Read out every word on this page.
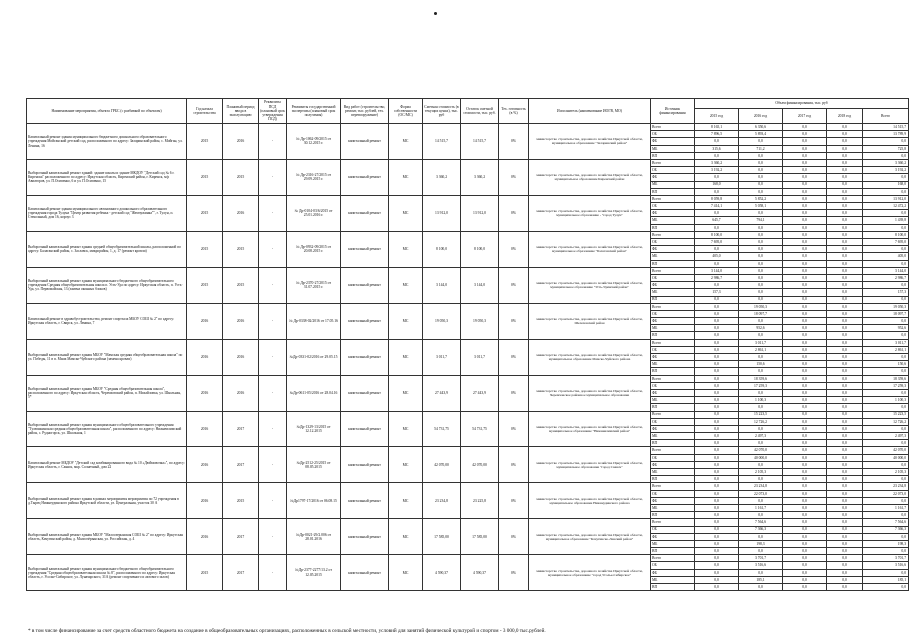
Наименование мероприятия, объекта ГРБС (с разбивкой по объектам)	Год начала строительства	Плановый период ввода в эксплуатацию	Реквизиты ПСД (плановый срок утверждения ПСД)	Реквизиты государственной экспертизы (плановый срок получения)	Вид работ (строительство, ремонт, тыс. рублей, тех. перевооружение)	Форма собственности (ОС/МС)	Сметная стоимость (в текущих ценах), тыс. руб	Остаток сметной стоимости, тыс. руб.	Тех. готовность (в %)	Исполнитель (наименование ИОГВ, МО)	Источник финансирования	Объем финансирования, тыс. руб				
												2015 год	2016 год	2017 год	2018 год	Всего
Капитальный ремонт здания муниципального бюджетного дошкольного образовательного учреждения Мойганский детский сад, расположенного по адресу: Заларинский район, с. Мойган, ул. Ленина, 16	2015	2016	-	№ Др-1062-09/2015 от 30.12.2015 г.	капитальный ремонт	МС	14 515,7	14 515,7	0%	министерство строительства, дорожного хозяйства Иркутской области, муниципальное образование "Заларинский район"	Всего	8 165,1	6 350,6	0,0	0,0	14 515,7
											ОБ	7 896,5	5 893,4	0,0	0,0	13 789,9
											ФБ	0,0	0,0	0,0	0,0	0,0
											МБ	315,6	711,2	0,0	0,0	725,8
											ВП	0,0	0,0	0,0	0,0	0,0
Выборочный капитальный ремонт зданий: здание школы и здание МКДОУ "Детский сад № 6 г. Киренска" расположенного по адресу: Иркутская область, Киренский район, г. Киренск, м/р Авиаторов, ул. П.Осипенко, 6 и ул. П.Осипенко, 15	2015	2015	-	№ Др-2316-27/2015 от 29.09.2015 г.	капитальный ремонт	МС	3 360,2	3 360,2	0%	министерство строительства, дорожного хозяйства Иркутской области, муниципальное образование Киренский район	Всего	3 360,2	0,0	0,0	0,0	3 360,2
											ОБ	3 192,2	0,0	0,0	0,0	3 192,2
											ФБ	0,0	0,0	0,0	0,0	0,0
											МБ	168,0	0,0	0,0	0,0	168,0
											ВП	0,0	0,0	0,0	0,0	0,0
Капитальный ремонт здания муниципального автономного дошкольного образовательного учреждения города Тулуна "Центр развития ребенка - детский сад "Жемчужинка"", г. Тулун, п. Стекольный, дом 16, корпус 3	2015	2016	-	№ Др-0104-03/6/2015 от 25.01.2016 г.	капитальный ремонт	МС	13 912,0	13 912,0	0%	министерство строительства, дорожного хозяйства Иркутской области, муниципальное образование - "город Тулун"	Всего	8 059,8	5 852,2	0,0	0,0	13 912,0
											ОБ	7 414,1	5 058,1	0,0	0,0	12 472,2
											ФБ	0,0	0,0	0,0	0,0	0,0
											МБ	645,7	794,1	0,0	0,0	1 439,8
											ВП	0,0	0,0	0,0	0,0	0,0
Выборочный капитальный ремонт здания средней общеобразовательной школы, расположенной по адресу: Балаганский район, с. Заславск, микрорайон, 1, д. 17 (ремонт кровли)	2015	2015	-	№ Др-0932-09/2015 от 20.08.2015 г.	капитальный ремонт	МС	8 100,0	8 100,0	0%	министерство строительства, дорожного хозяйства Иркутской области, муниципальное образование "Балаганский район"	Всего	8 100,0	0,0	0,0	0,0	8 100,0
											ОБ	7 695,0	0,0	0,0	0,0	7 695,0
											ФБ	0,0	0,0	0,0	0,0	0,0
											МБ	405,0	0,0	0,0	0,0	405,0
											ВП	0,0	0,0	0,0	0,0	0,0
Выборочный капитальный ремонт здания муниципального бюджетного общеобразовательного учреждения Средняя общеобразовательная школа п. Усть-Уда по адресу: Иркутская область, п. Усть-Уда, ул. Первомайская, 13 (замена оконных блоков)	2015	2015	-	№ Др-2370-27/2015 от 31.07.2015 г.	капитальный ремонт	МС	3 144,0	3 144,0	0%	министерство строительства, дорожного хозяйства Иркутской области, муниципальное образование "Усть-Удинский район"	Всего	3 144,0	0,0	0,0	0,0	3 144,0
											ОБ	2 986,7	0,0	0,0	0,0	2 986,7
											ФБ	0,0	0,0	0,0	0,0	0,0
											МБ	157,3	0,0	0,0	0,0	157,3
											ВП	0,0	0,0	0,0	0,0	0,0
Капитальный ремонт в здравобустроительство, ремонт спортзала МБОУ СОШ № 2" по адресу: Иркутская область, г. Свирск, ул. Ленина, 7	2016	2016	-	№ Др-0338-02/2016 от 17.05.16	капитальный ремонт	МС	19 050,3	19 050,3	0%	министерство строительства, дорожного хозяйства Иркутской области, Шелеховский район	Всего	0,0	19 050,3	0,0	0,0	19 050,3
											ОБ	0,0	18 097,7	0,0	0,0	18 097,7
											ФБ	0,0	0,0	0,0	0,0	0,0
											МБ	0,0	952,6	0,0	0,0	952,6
											ВП	0,0	0,0	0,0	0,0	0,0
Выборочный капитальный ремонт здания МБОУ "Мамская средняя общеобразовательная школа" по ул. Победы, 11 в п. Мама Мамско-Чуйского района (замена кровли)	2016	2016	-	№Др-0331-02/2016 от 29.05.15	капитальный ремонт	МС	3 011,7	3 011,7	0%	министерство строительства, дорожного хозяйства Иркутской области, муниципальное образование Мамско-Чуйского района	Всего	0,0	3 011,7	0,0	0,0	3 011,7
											ОБ	0,0	2 861,1	0,0	0,0	2 861,1
											ФБ	0,0	0,0	0,0	0,0	0,0
											МБ	0,0	150,6	0,0	0,0	150,6
											ВП	0,0	0,0	0,0	0,0	0,0
Выборочный капитальный ремонт здания МБОУ "Средняя общеобразовательная школа", расположенного по адресу: Иркутская область, Черемховский район, п. Михайловка, ул. Школьная, 5*	2016	2016	-	№Др-0611-05/2016 от 28.04.16	капитальный ремонт	МС	27 443,9	27 443,9	0%	министерство строительства, дорожного хозяйства Иркутской области, Черемховское районное муниципальное образование	Всего	0,0	18 359,6	0,0	0,0	18 359,6
											ОБ	0,0	17 259,3	0,0	0,0	17 259,3
											ФБ	0,0	0,0	0,0	0,0	0,0
											МБ	0,0	1 100,3	0,0	0,0	1 100,3
											ВП	0,0	0,0	0,0	0,0	0,0
Выборочный капитальный ремонт здания муниципального общеобразовательного учреждения "Тулюшкинская средняя общеобразовательная школа", расположенного по адресу: Нижнеилимский район, с. Рудногорск, ул. Школьная, 1	2016	2017	-	№Др-1329-13/2015 от 12.12.2015	капитальный ремонт	МС	54 731,75	54 731,75	0%	министерство строительства, дорожного хозяйства Иркутской области, муниципальное образование "Нижнеилимский район"	Всего	0,0	15 223,5	0,0	0,0	15 223,5
											ОБ	0,0	12 726,2	0,0	0,0	12 726,2
											ФБ	0,0	0,0	0,0	0,0	0,0
											МБ	0,0	2 497,3	0,0	0,0	2 497,3
											ВП	0,0	0,0	0,0	0,0	0,0
Капитальный ремонт МБДОУ "Детский сад комбинированного вида № 10 «Дюймовочка»", по адресу: Иркутская область, г. Саянск, мкр. Солнечный, дом 22	2016	2017	-	№Др-2512-25/2015 от 08.05.2015	капитальный ремонт	МС	42 070,00	42 070,00	0%	министерство строительства, дорожного хозяйства Иркутской области, муниципальное образование "город Саянск"	Всего	0,0	42 070,0	0,0	0,0	42 070,0
											ОБ	0,0	40 000,0	0,0	0,0	40 000,0
											ФБ	0,0	0,0	0,0	0,0	0,0
											МБ	0,0	2 105,3	0,0	0,0	2 105,3
											ВП	0,0	0,0	0,0	0,0	0,0
Выборочный капитальный ремонт здания в рамках мероприятия мероприятия по 72 учреждения в д.Тырец Нижнеудинского района Иркутской области, ул. Центральная, участок 30 А	2016	2015	-	№Др1797-17/2016 от 06.08.15	капитальный ремонт	МС	23 234,8	23 225,8	0%	министерство строительства, дорожного хозяйства Иркутской области, муниципальное образование Нижнеудинского района	Всего	0,0	23 234,8	0,0	0,0	23 234,8
											ОБ	0,0	22 073,0	0,0	0,0	22 073,0
											ФБ	0,0	0,0	0,0	0,0	0,0
											МБ	0,0	1 161,7	0,0	0,0	1 161,7
											ВП	0,0	0,0	0,0	0,0	0,0
Выборочный капитальный ремонт здания МБОУ "Малоозерынская СОШ № 2" по адресу: Иркутская область, Качугинский район, д. Малоозёрынская, ул. Российская, д. 4	2016	2017	-	№Др-0021-29/2.006 от 28.01.2016	капитальный ремонт	МС	17 585,00	17 585,00	0%	министерство строительства, дорожного хозяйства Иркутской области, муниципальное образование "Качугинско-Ленский район"	Всего	0,0	7 564,6	0,0	0,0	7 564,6
											ОБ	0,0	7 366,3	0,0	0,0	7 366,3
											ФБ	0,0	0,0	0,0	0,0	0,0
											МБ	0,0	198,3	0,0	0,0	198,3
											ВП	0,0	0,0	0,0	0,0	0,0
Выборочный капитальный ремонт здания муниципального бюджетного общеобразовательного учреждения "Средняя общеобразовательная школа № 8", расположенного по адресу: Иркутская область, г. Усолье-Сибирское, ул. Луначарского, 31А (ремонт спортивного и актового залов)	2015	2017	-	№Др-2377-2277/13.2 от 12.05.2015	капитальный ремонт	МС	4 590,37	4 590,37	0%	министерство строительства, дорожного хозяйства Иркутской области, муниципальное образование "город Усолье-Сибирское"	Всего	0,0	3 701,7	0,0	0,0	3 701,7
											ОБ	0,0	3 516,6	0,0	0,0	3 516,6
											ФБ	0,0	0,0	0,0	0,0	0,0
											МБ	0,0	185,1	0,0	0,0	185,1
											ВП	0,0	0,0	0,0	0,0	0,0
* в том числе финансирование за счет средств областного бюджета на создание в общеобразовательных организациях, расположенных в сельской местности, условий для занятий физической культурой и спортом - 3 000,0 тыс.рублей.
